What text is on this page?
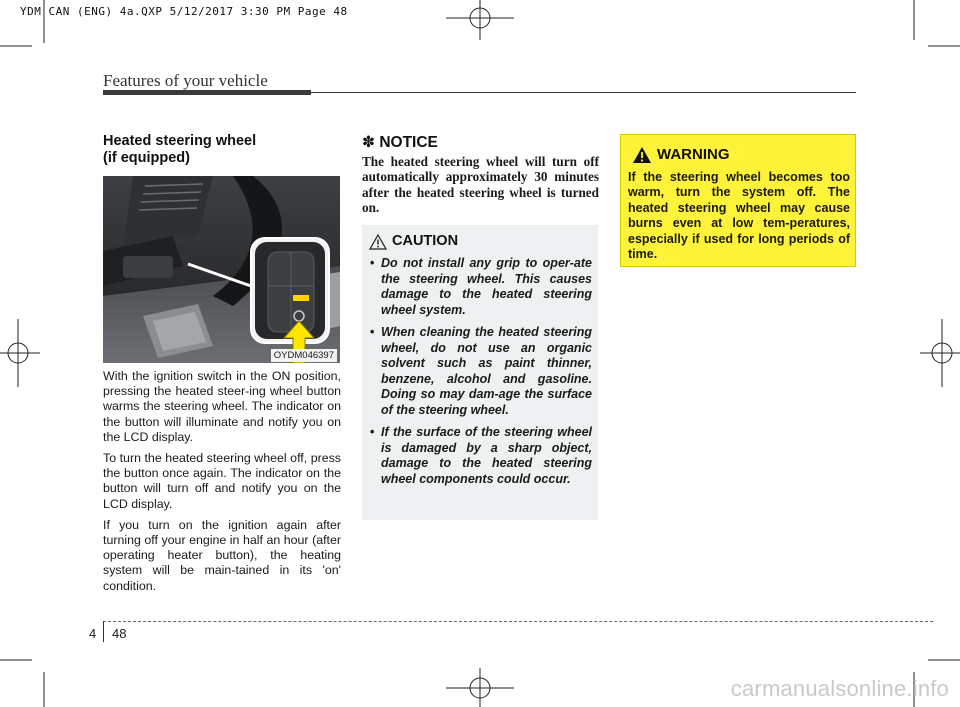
YDM CAN (ENG) 4a.QXP 5/12/2017 3:30 PM Page 48
Features of your vehicle
Heated steering wheel
(if equipped)
OYDM046397

With the ignition switch in the ON position, pressing the heated steer-ing wheel button warms the steering wheel. The indicator on the button will illuminate and notify you on the LCD display.

To turn the heated steering wheel off, press the button once again. The indicator on the button will turn off and notify you on the LCD display.

If you turn on the ignition again after turning off your engine in half an hour (after operating heater button), the heating system will be main-tained in its 'on' condition.

✽ NOTICE
The heated steering wheel will turn off automatically approximately 30 minutes after the heated steering wheel is turned on.
CAUTION
• Do not install any grip to oper-ate the steering wheel. This causes damage to the heated steering wheel system.
• When cleaning the heated steering wheel, do not use an organic solvent such as paint thinner, benzene, alcohol and gasoline. Doing so may dam-age the surface of the steering wheel.
• If the surface of the steering wheel is damaged by a sharp object, damage to the heated steering wheel components could occur.
WARNING
If the steering wheel becomes too warm, turn the system off. The heated steering wheel may cause burns even at low tem-peratures, especially if used for long periods of time.
4 48
carmanualsonline.info
